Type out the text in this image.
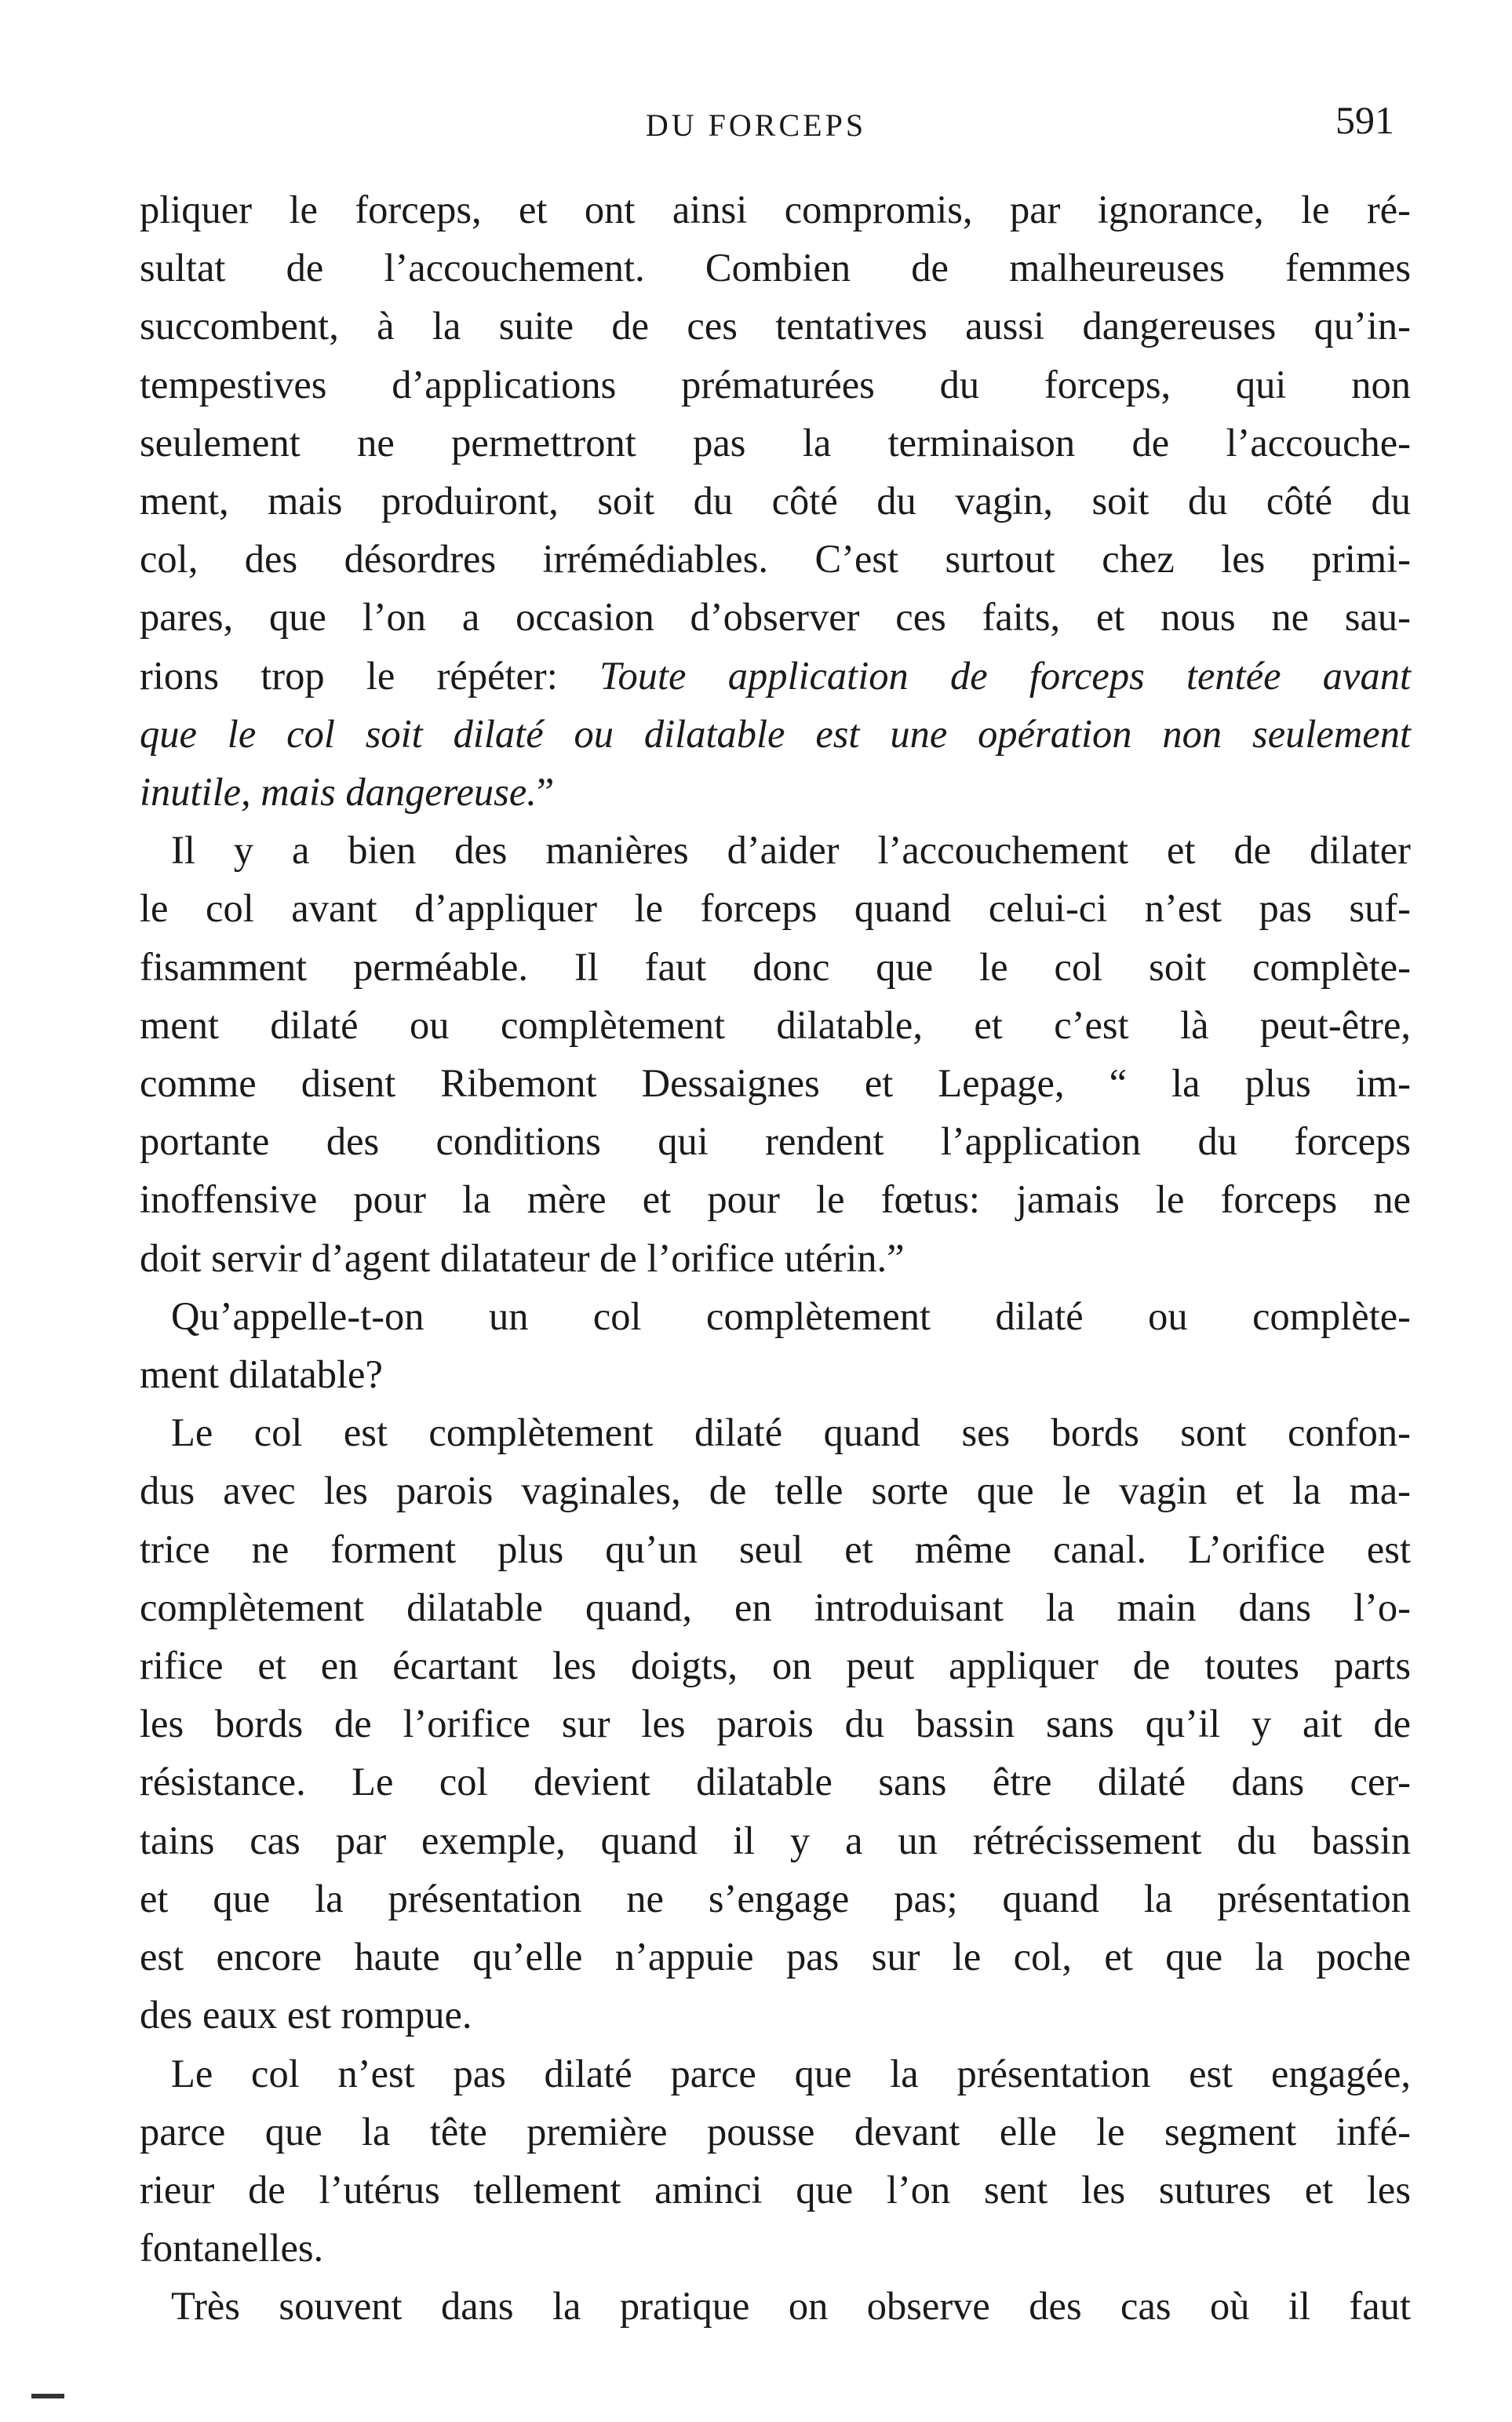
DU FORCEPS	591
pliquer le forceps, et ont ainsi compromis, par ignorance, le ré-
sultat de l’accouchement. Combien de malheureuses femmes
succombent, à la suite de ces tentatives aussi dangereuses qu’in-
tempestives d’applications prématurées du forceps, qui non
seulement ne permettront pas la terminaison de l’accouche-
ment, mais produiront, soit du côté du vagin, soit du côté du
col, des désordres irrémédiables. C’est surtout chez les primi-
pares, que l’on a occasion d’observer ces faits, et nous ne sau-
rions trop le répéter: Toute application de forceps tentée avant
que le col soit dilaté ou dilatable est une opération non seulement
inutile, mais dangereuse.”
Il y a bien des manières d’aider l’accouchement et de dilater
le col avant d’appliquer le forceps quand celui-ci n’est pas suf-
fisamment perméable. Il faut donc que le col soit complète-
ment dilaté ou complètement dilatable, et c’est là peut-être,
comme disent Ribemont Dessaignes et Lepage, “ la plus im-
portante des conditions qui rendent l’application du forceps
inoffensive pour la mère et pour le fœtus: jamais le forceps ne
doit servir d’agent dilatateur de l’orifice utérin.”
Qu’appelle-t-on un col complètement dilaté ou complète-
ment dilatable?
Le col est complètement dilaté quand ses bords sont confon-
dus avec les parois vaginales, de telle sorte que le vagin et la ma-
trice ne forment plus qu’un seul et même canal. L’orifice est
complètement dilatable quand, en introduisant la main dans l’o-
rifice et en écartant les doigts, on peut appliquer de toutes parts
les bords de l’orifice sur les parois du bassin sans qu’il y ait de
résistance. Le col devient dilatable sans être dilaté dans cer-
tains cas par exemple, quand il y a un rétrécissement du bassin
et que la présentation ne s’engage pas; quand la présentation
est encore haute qu’elle n’appuie pas sur le col, et que la poche
des eaux est rompue.
Le col n’est pas dilaté parce que la présentation est engagée,
parce que la tête première pousse devant elle le segment infé-
rieur de l’utérus tellement aminci que l’on sent les sutures et les
fontanelles.
Très souvent dans la pratique on observe des cas où il faut
